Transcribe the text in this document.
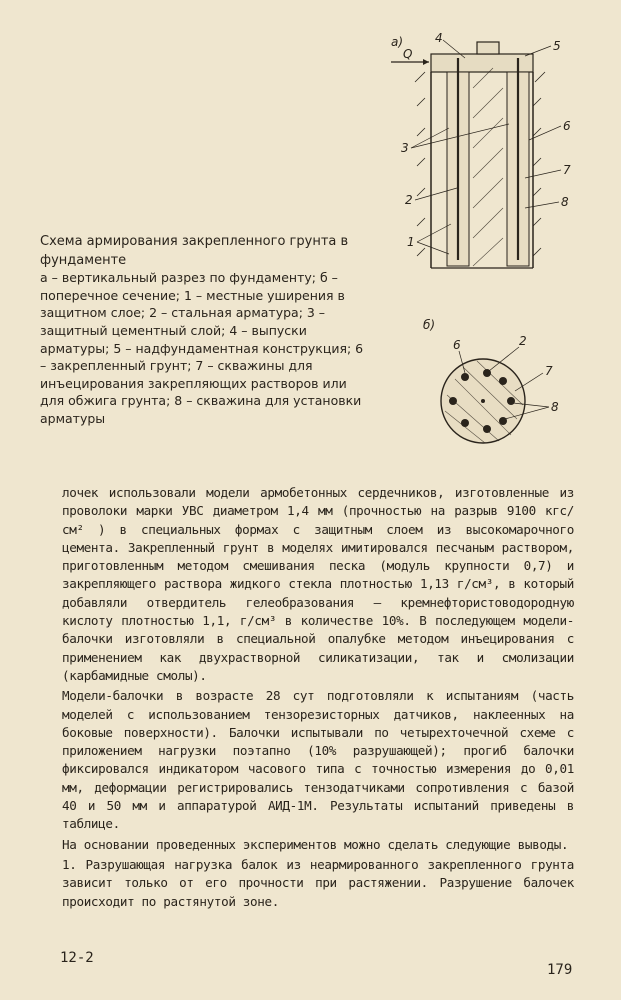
а)
Q
4
5
3
6
2
7
8
1
б)
6	2
7
8
Схема армирования закрепленного грунта в фундаменте
а – вертикальный разрез по фундаменту; б – поперечное сечение; 1 – местные уширения в защитном слое; 2 – стальная арматура; 3 – защитный цементный слой; 4 – выпуски арматуры; 5 – надфундаментная конструкция; 6 – закрепленный грунт; 7 – скважины для инъецирования закрепляющих растворов или для обжига грунта; 8 – скважина для установки арматуры

лочек использовали модели армобетонных сердечников, изготовленные из проволоки марки УВС диаметром 1,4 мм (прочностью на разрыв 9100 кгс/см² ) в специальных формах с защитным слоем из высокомарочного цемента. Закрепленный грунт в моделях имитировался песчаным раствором, приготовленным методом смешивания песка (модуль крупности 0,7) и закрепляющего раствора жидкого стекла плотностью 1,13 г/см³, в который добавляли отвердитель гелеобразования – кремнефтористоводородную кислоту плотностью 1,1, г/см³ в количестве 10%. В последующем модели-балочки изготовляли в специальной опалубке методом инъецирования с применением как двухрастворной силикатизации, так и смолизации (карбамидные смолы).

Модели-балочки в возрасте 28 сут подготовляли к испытаниям (часть моделей с использованием тензорезисторных датчиков, наклеенных на боковые поверхности). Балочки испытывали по четырехточечной схеме с приложением нагрузки поэтапно (10% разрушающей); прогиб балочки фиксировался индикатором часового типа с точностью измерения до 0,01 мм, деформации регистрировались тензодатчиками сопротивления с базой 40 и 50 мм и аппаратурой АИД-1М. Результаты испытаний приведены в таблице.

На основании проведенных экспериментов можно сделать следующие выводы.

1. Разрушающая нагрузка балок из неармированного закрепленного грунта зависит только от его прочности при растяжении. Разрушение балочек происходит по растянутой зоне.

12-2
179
